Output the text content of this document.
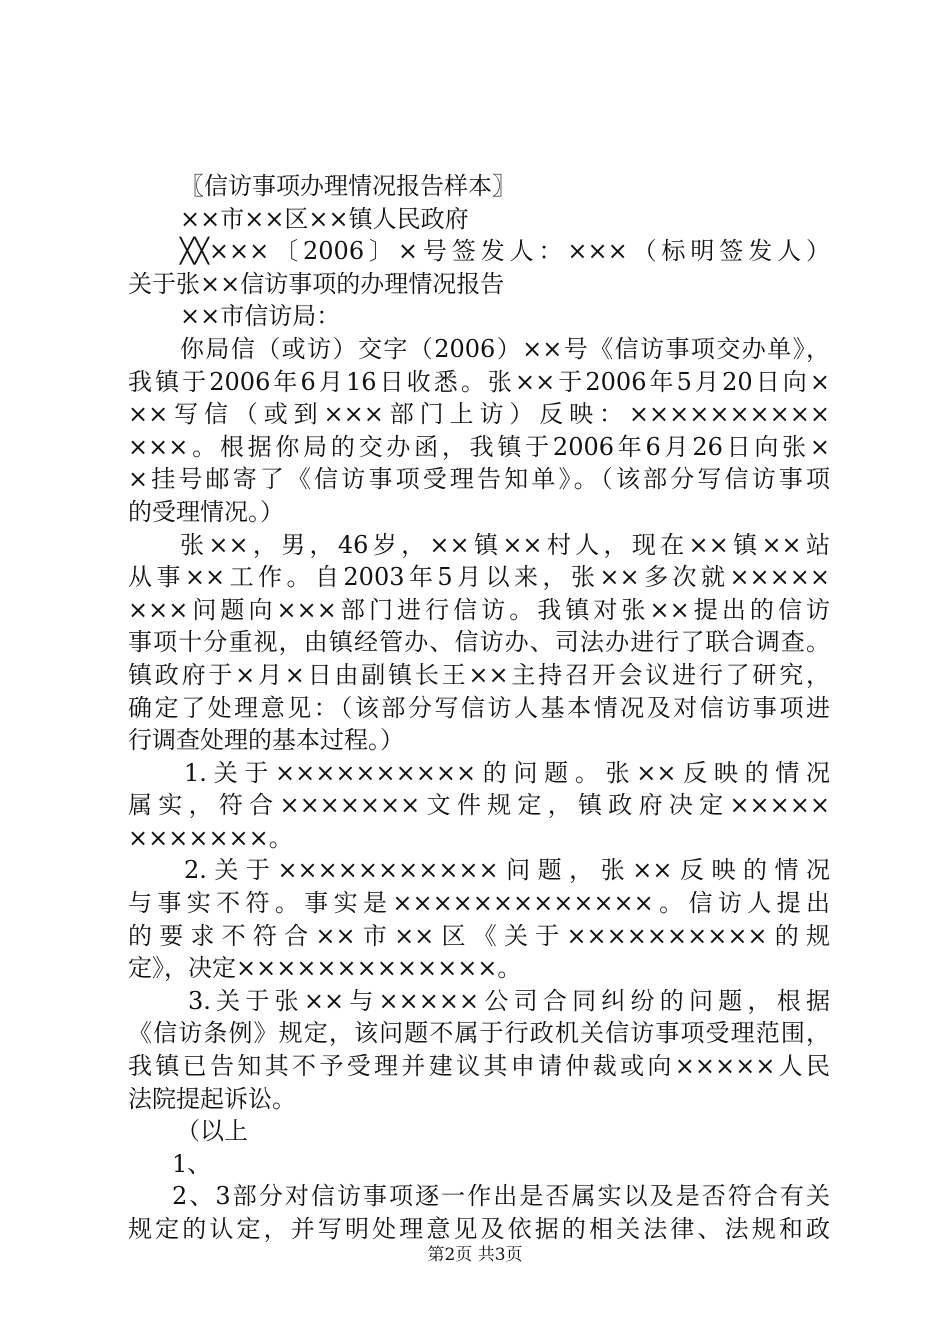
〖信访事项办理情况报告样本〗
××市××区××镇人民政府
╳╳×××〔2006〕×号签发人：×××（标明签发人）
关于张××信访事项的办理情况报告
××市信访局：
你局信（或访）交字（2006）××号《信访事项交办单》，
我镇于2006年6月16日收悉。张××于2006年5月20日向×
××写信（或到×××部门上访）反映：××××××××××
×××。根据你局的交办函，我镇于2006年6月26日向张×
×挂号邮寄了《信访事项受理告知单》。（该部分写信访事项
的受理情况。）
张××，男，46岁，××镇××村人，现在××镇××站
从事××工作。自2003年5月以来，张××多次就×××××
×××问题向×××部门进行信访。我镇对张××提出的信访
事项十分重视，由镇经管办、信访办、司法办进行了联合调查。
镇政府于×月×日由副镇长王××主持召开会议进行了研究，
确定了处理意见：（该部分写信访人基本情况及对信访事项进
行调查处理的基本过程。）
1.关于××××××××××的问题。张××反映的情况
属实，符合×××××××文件规定，镇政府决定×××××
×××××××。
2.关于×××××××××××问题，张××反映的情况
与事实不符。事实是×××××××××××××。信访人提出
的要求不符合××市××区《关于××××××××××的规
定》，决定×××××××××××××。
3.关于张××与×××××公司合同纠纷的问题，根据
《信访条例》规定，该问题不属于行政机关信访事项受理范围，
我镇已告知其不予受理并建议其申请仲裁或向×××××人民
法院提起诉讼。
（以上
1、
2、3部分对信访事项逐一作出是否属实以及是否符合有关
规定的认定，并写明处理意见及依据的相关法律、法规和政
第2页 共3页
